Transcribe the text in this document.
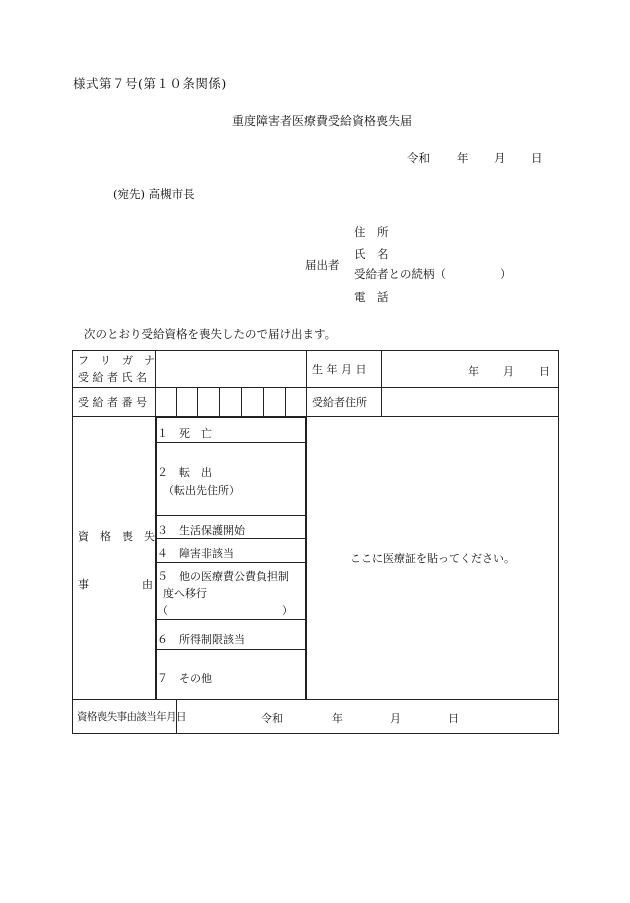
様式第７号(第１０条関係)
重度障害者医療費受給資格喪失届
令和 年 月 日
(宛先) 高槻市長
届出者
住　所
氏　名
受給者との続柄（	）
電　話
次のとおり受給資格を喪失したので届け出ます。
フ　リ　ガ　ナ
受 給 者 氏 名
		生 年 月 日	年 月 日

受 給 者 番 号								受給者住所	

資　格　喪　失
事	由

１　死　亡

２　転　出
（転出先住所）

３　生活保護開始
４　障害非該当

５　他の医療費公費負担制
度へ移行
（	）

６　所得制限該当
７　その他
	ここに医療証を貼ってください。
資格喪失事由該当年月日	令和	年	月	日
